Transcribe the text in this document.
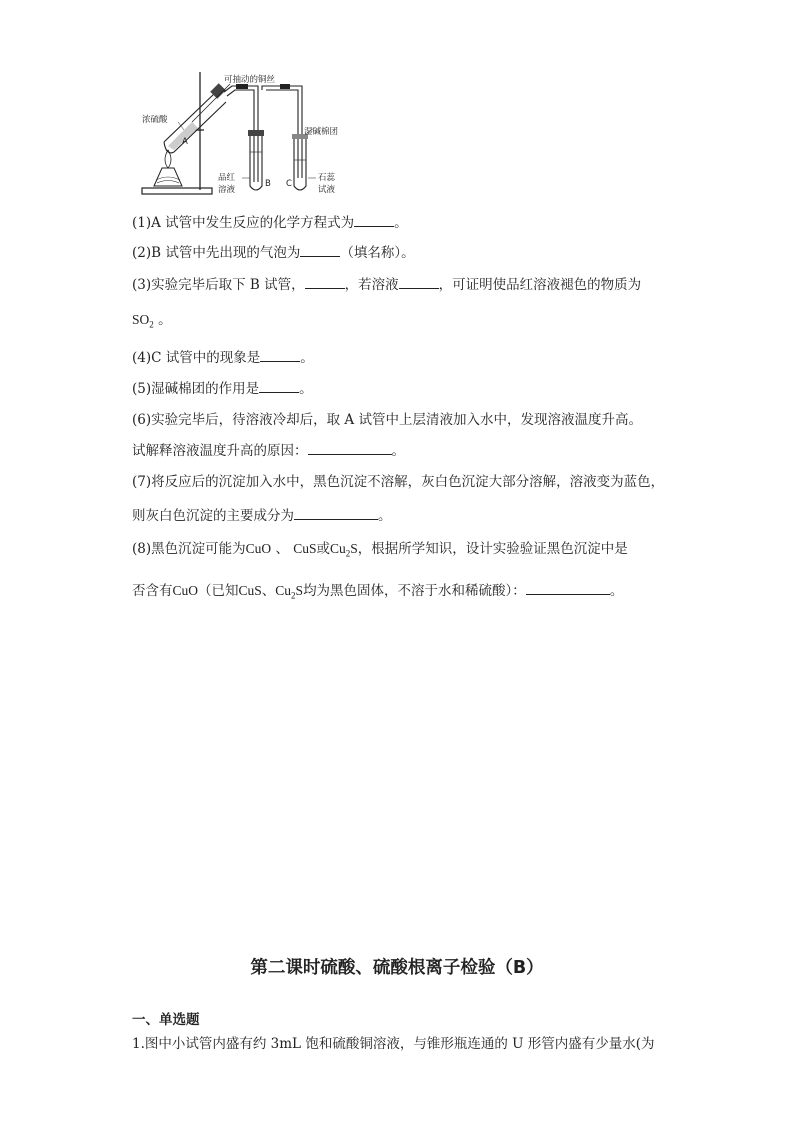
可抽动的铜丝
浓硫酸
A
湿碱棉团
品红
溶液
B C
石蕊
试液
(1)A 试管中发生反应的化学方程式为	。
(2)B 试管中先出现的气泡为	（填名称）。
(3)实验完毕后取下 B 试管，	，若溶液	，可证明使品红溶液褪色的物质为
$SO_2$ 。
(4)C 试管中的现象是	。
(5)湿碱棉团的作用是	。
(6)实验完毕后，待溶液冷却后，取 A 试管中上层清液加入水中，发现溶液温度升高。
试解释溶液温度升高的原因：	。
(7)将反应后的沉淀加入水中，黑色沉淀不溶解，灰白色沉淀大部分溶解，溶液变为蓝色，
则灰白色沉淀的主要成分为	。
(8)黑色沉淀可能为CuO 、 CuS或$Cu_2S$，根据所学知识，设计实验验证黑色沉淀中是
否含有CuO（已知CuS、$Cu_2S$均为黑色固体，不溶于水和稀硫酸）：	。
第二课时硫酸、硫酸根离子检验（B）
一、单选题
1.图中小试管内盛有约 3mL 饱和硫酸铜溶液，与锥形瓶连通的 U 形管内盛有少量水(为
